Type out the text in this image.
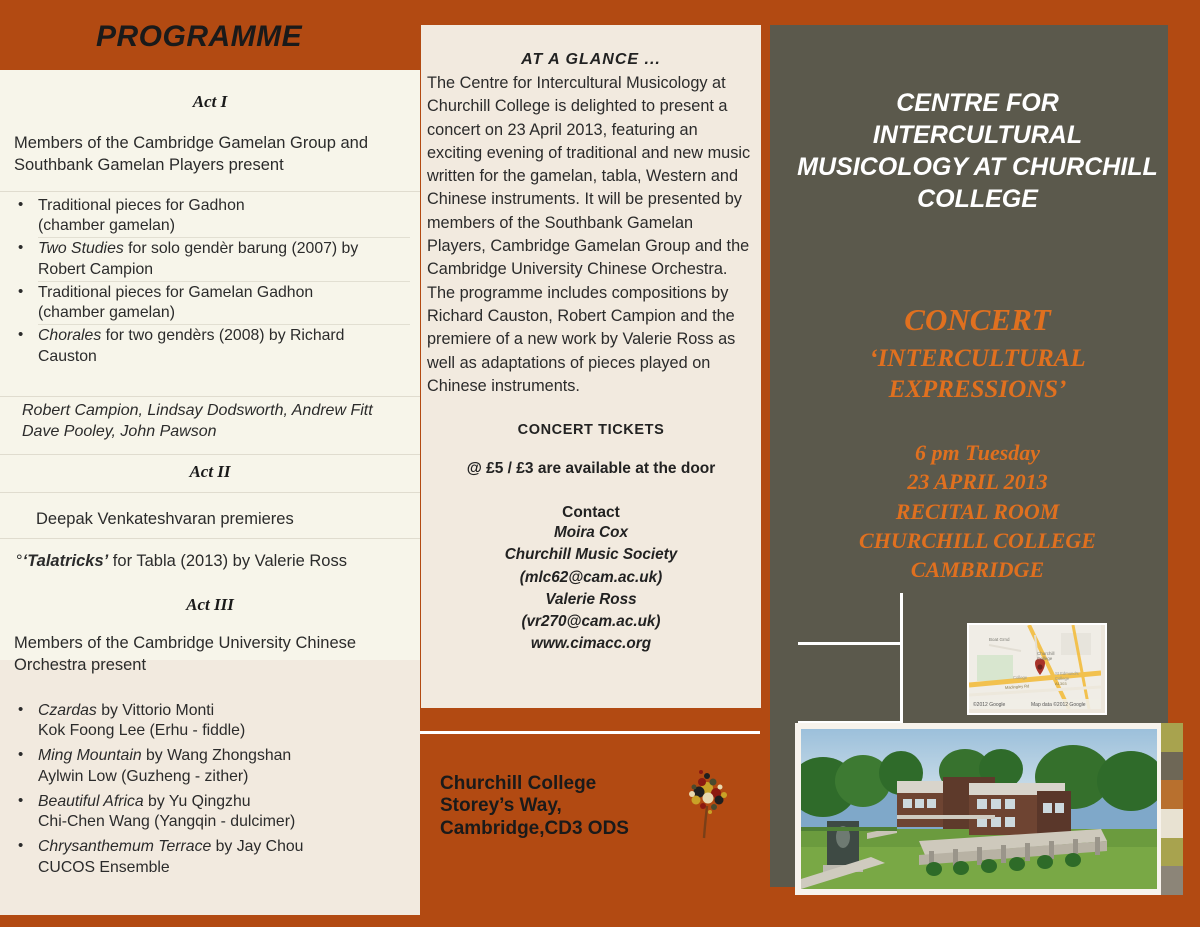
PROGRAMME
Act I
Members of the Cambridge Gamelan Group and Southbank Gamelan Players present
• Traditional pieces for Gadhon
(chamber gamelan)
• Two Studies for solo gendèr barung (2007) by
Robert Campion
• Traditional pieces for Gamelan Gadhon
(chamber gamelan)
• Chorales for two gendèrs (2008) by Richard
Causton
Robert Campion, Lindsay Dodsworth, Andrew Fitt
Dave Pooley, John Pawson
Act II
Deepak Venkateshvaran premieres
°‘Talatricks’ for Tabla (2013) by Valerie Ross
Act III
Members of the Cambridge University Chinese Orchestra present
• Czardas by Vittorio Monti
Kok Foong Lee (Erhu - fiddle)
• Ming Mountain by Wang Zhongshan
Aylwin Low (Guzheng - zither)
• Beautiful Africa by Yu Qingzhu
Chi-Chen Wang (Yangqin - dulcimer)
• Chrysanthemum Terrace by Jay Chou
CUCOS Ensemble
AT A GLANCE ...
The Centre for Intercultural Musicology at Churchill College is delighted to present a concert on 23 April 2013, featuring an exciting evening of traditional and new music written for the gamelan, tabla, Western and Chinese instruments. It will be presented by members of the Southbank Gamelan Players, Cambridge Gamelan Group and the Cambridge University Chinese Orchestra. The programme includes compositions by Richard Causton, Robert Campion and the premiere of a new work by Valerie Ross as well as adaptations of pieces played on Chinese instruments.
CONCERT TICKETS
@ £5 / £3 are available at the door
Contact
Moira Cox
Churchill Music Society
(mlc62@cam.ac.uk)
Valerie Ross
(vr270@cam.ac.uk)
www.cimacc.org
Churchill College
Storey’s Way,
Cambridge,CD3 ODS
CENTRE FOR INTERCULTURAL MUSICOLOGY AT CHURCHILL COLLEGE
CONCERT
‘INTERCULTURAL EXPRESSIONS’
6 pm Tuesday
23 APRIL 2013
RECITAL ROOM
CHURCHILL COLLEGE
CAMBRIDGE
Boat Grnd
Churchill
College
College
St Edmund's
College
Madingley Rd	A1303
©2012 Google	Map data ©2012 Google
